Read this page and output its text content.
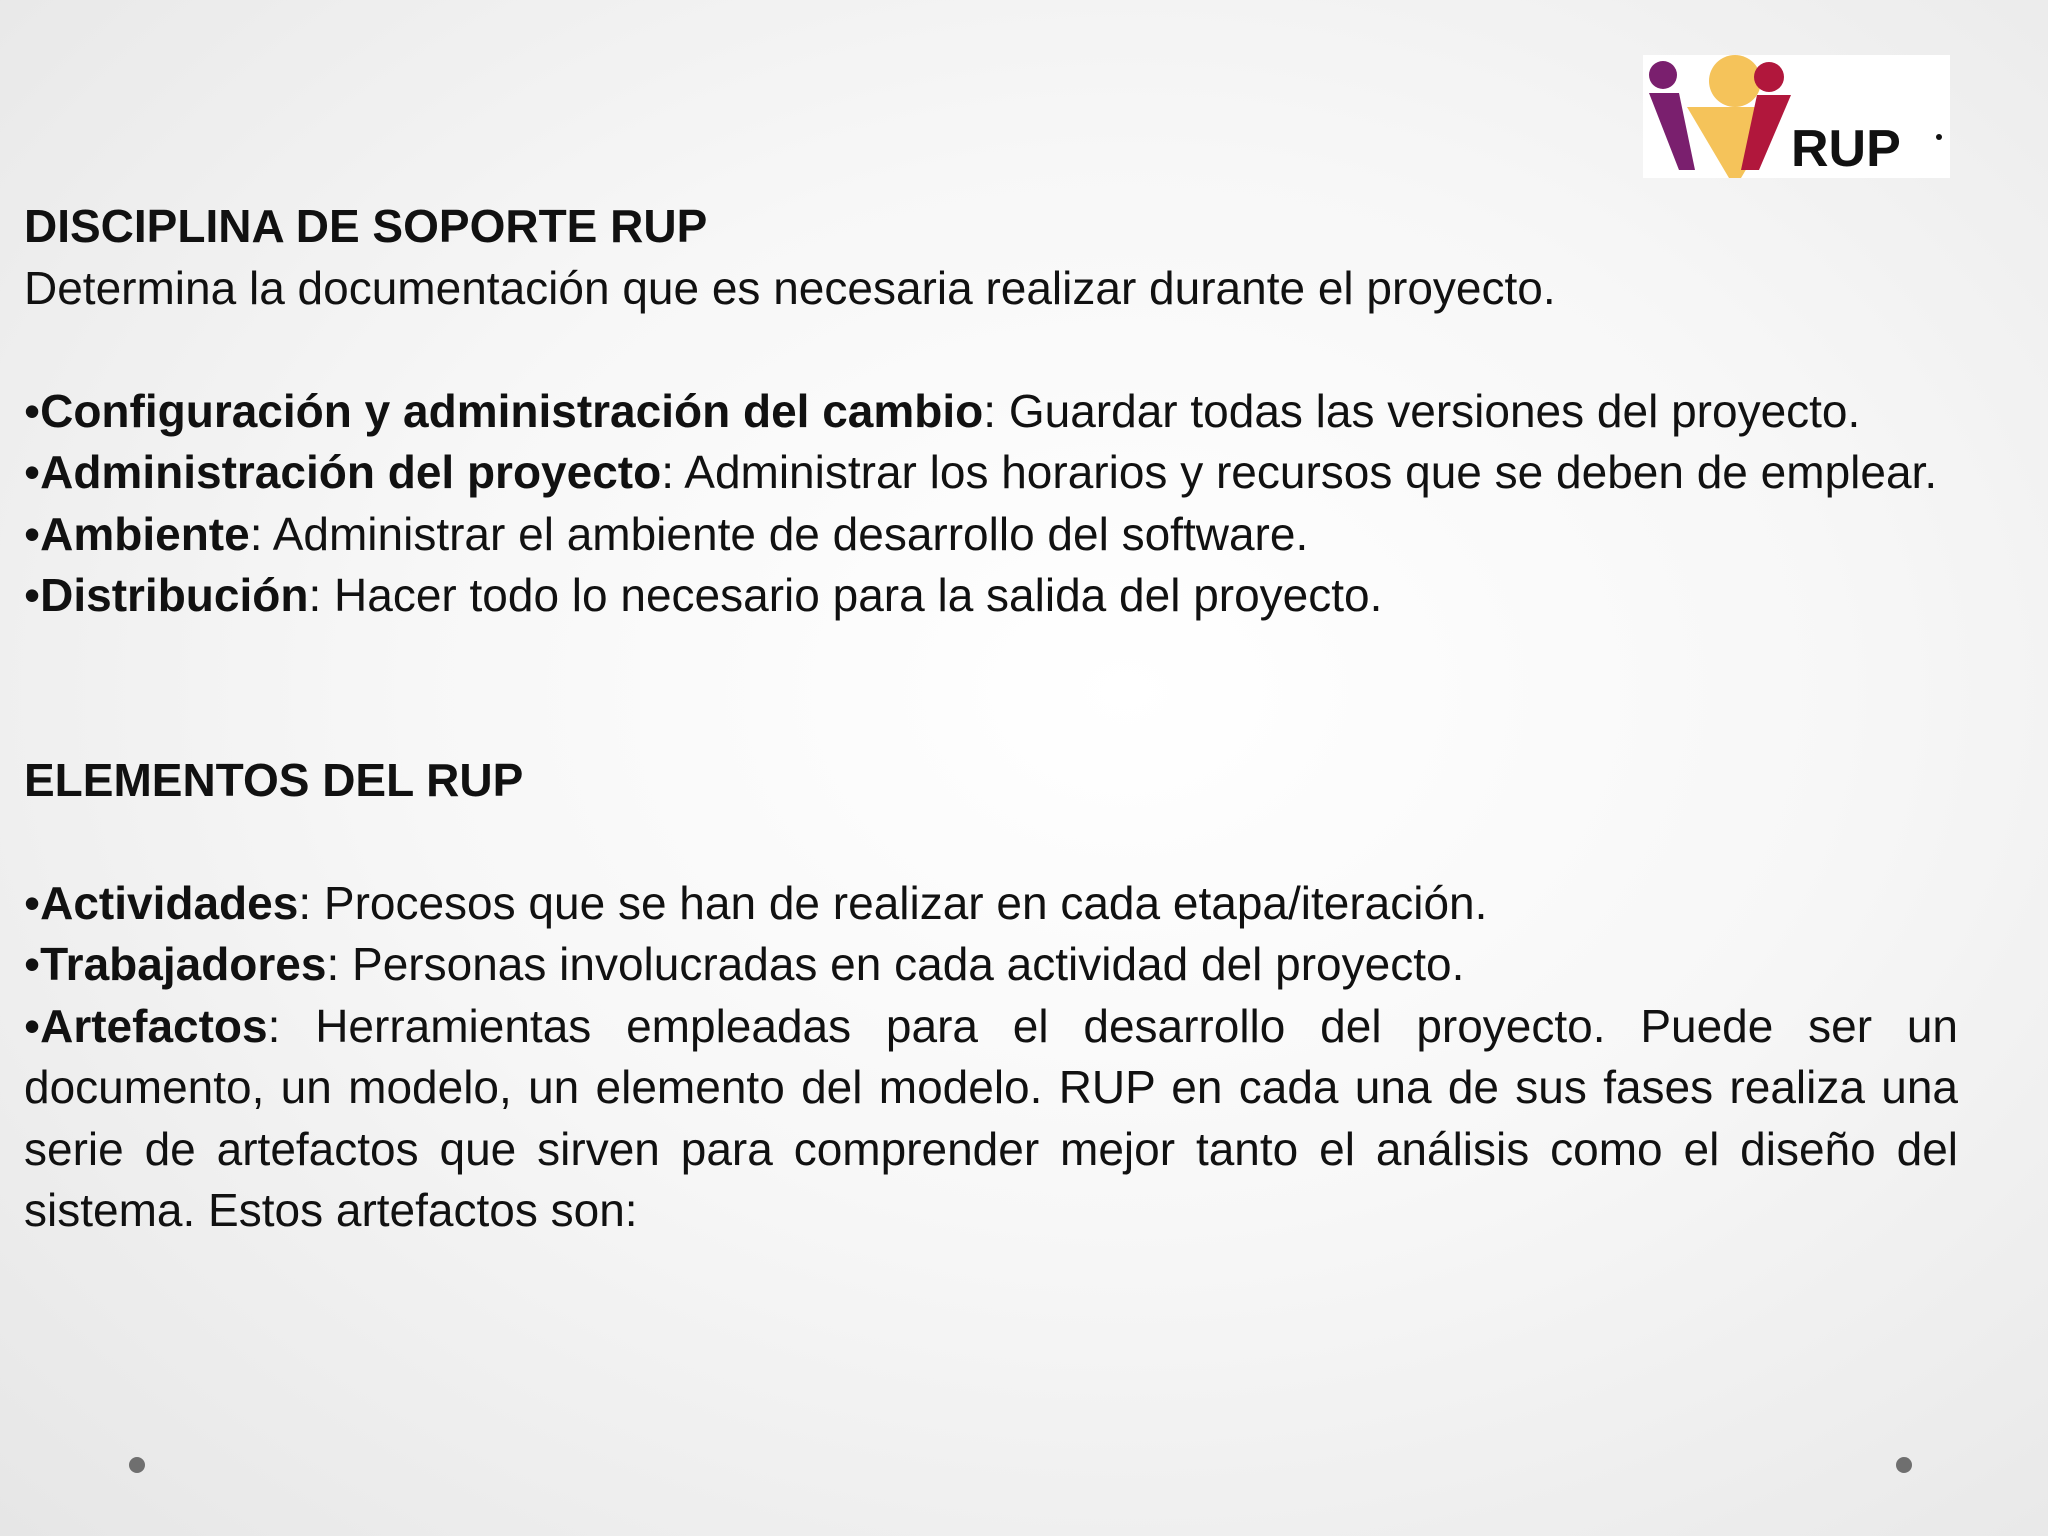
RUP

DISCIPLINA DE SOPORTE RUP

Determina la documentación que es necesaria realizar durante el proyecto.

•Configuración y administración del cambio: Guardar todas las versiones del proyecto.

•Administración del proyecto: Administrar los horarios y recursos que se deben de emplear.

•Ambiente: Administrar el ambiente de desarrollo del software.

•Distribución: Hacer todo lo necesario para la salida del proyecto.

ELEMENTOS DEL RUP

•Actividades: Procesos que se han de realizar en cada etapa/iteración.

•Trabajadores: Personas involucradas en cada actividad del proyecto.

•Artefactos: Herramientas empleadas para el desarrollo del proyecto. Puede ser un documento, un modelo, un elemento del modelo. RUP en cada una de sus fases realiza una serie de artefactos que sirven para comprender mejor tanto el análisis como el diseño del sistema. Estos artefactos son:
